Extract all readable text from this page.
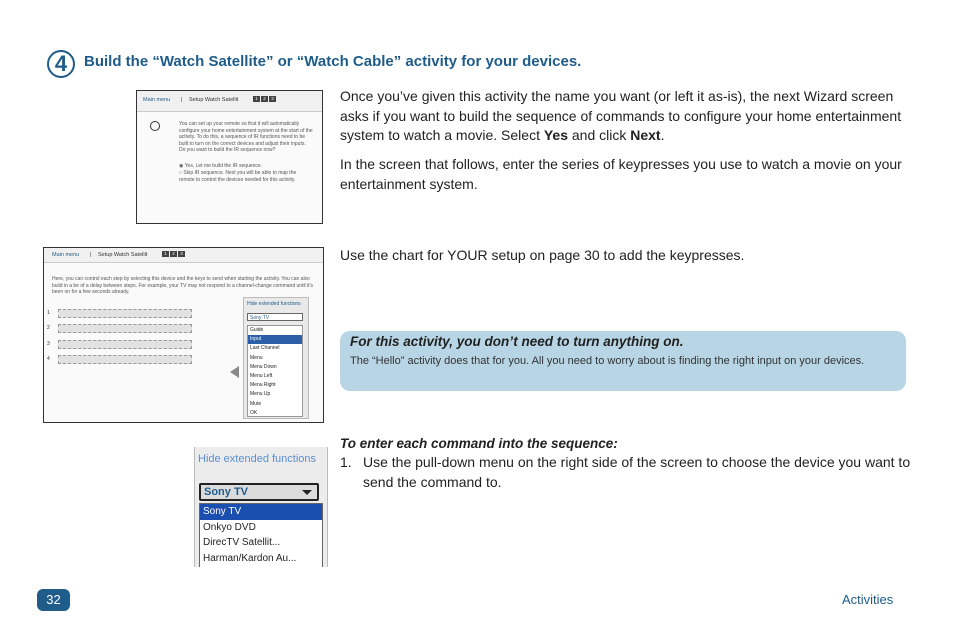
4	Build the “Watch Satellite” or “Watch Cable” activity for your devices.
Main menu | Setup Watch Satellit	1	2	3
You can set up your remote so that it will automatically configure your home entertainment system at the start of the activity. To do this, a sequence of IR functions need to be built to turn on the correct devices and adjust their inputs. Do you want to build the IR sequence now?
◉ Yes, Let me build the IR sequence.
○ Skip IR sequence. Next you will be able to map the remote to control the devices needed for this activity.
Once you’ve given this activity the name you want (or left it as-is), the next Wizard screen asks if you want to build the sequence of commands to configure your home entertainment system to watch a movie. Select Yes and click Next.
In the screen that follows, enter the series of keypresses you use to watch a movie on your entertainment system.
Main menu | Setup Watch Satellit	1	2	3
Here, you can control each step by selecting this device and the keys to send when starting the activity. You can also build in a be of a delay between steps. For example, your TV may not respond to a channel-change command until it's been on for a few seconds already.
1
2
3
4
Hide extended functions
Sony TV
Guide
Input
Last Channel
Menu
Menu Down
Menu Left
Menu Right
Menu Up
Mute
OK
Use the chart for YOUR setup on page 30 to add the keypresses.
For this activity, you don’t need to turn anything on.
The “Hello” activity does that for you. All you need to worry about is finding the right input on your devices.
Hide extended functions
Sony TV
Sony TV
Onkyo DVD
DirecTV Satellit...
Harman/Kardon Au...
To enter each command into the sequence:
1. Use the pull-down menu on the right side of the screen to choose the device you want to send the command to.
32	Activities
